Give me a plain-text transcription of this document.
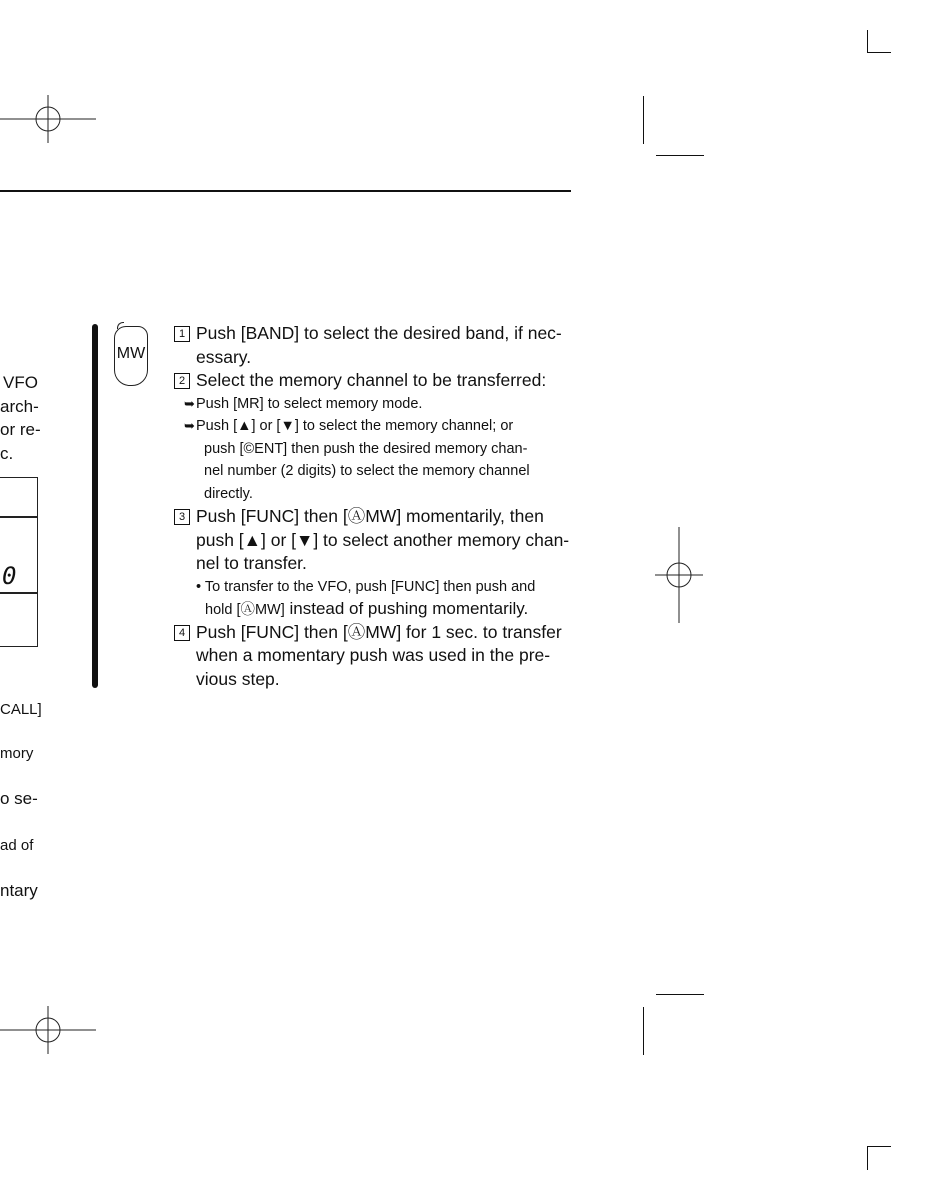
MW
VFO
arch-
or re-
c.
0
CALL]
mory
o se-
ad of
ntary
1 Push [BAND] to select the desired band, if nec-
essary.
2 Select the memory channel to be transferred:
➥ Push [MR] to select memory mode.
➥ Push [▲] or [▼] to select the memory channel; or
push [©ENT] then push the desired memory chan-
nel number (2 digits) to select the memory channel
directly.
3 Push [FUNC] then [ⒶMW] momentarily, then
push [▲] or [▼] to select another memory chan-
nel to transfer.
• To transfer to the VFO, push [FUNC] then push and
hold [ⒶMW] instead of pushing momentarily.
4 Push [FUNC] then [ⒶMW] for 1 sec. to transfer
when a momentary push was used in the pre-
vious step.
